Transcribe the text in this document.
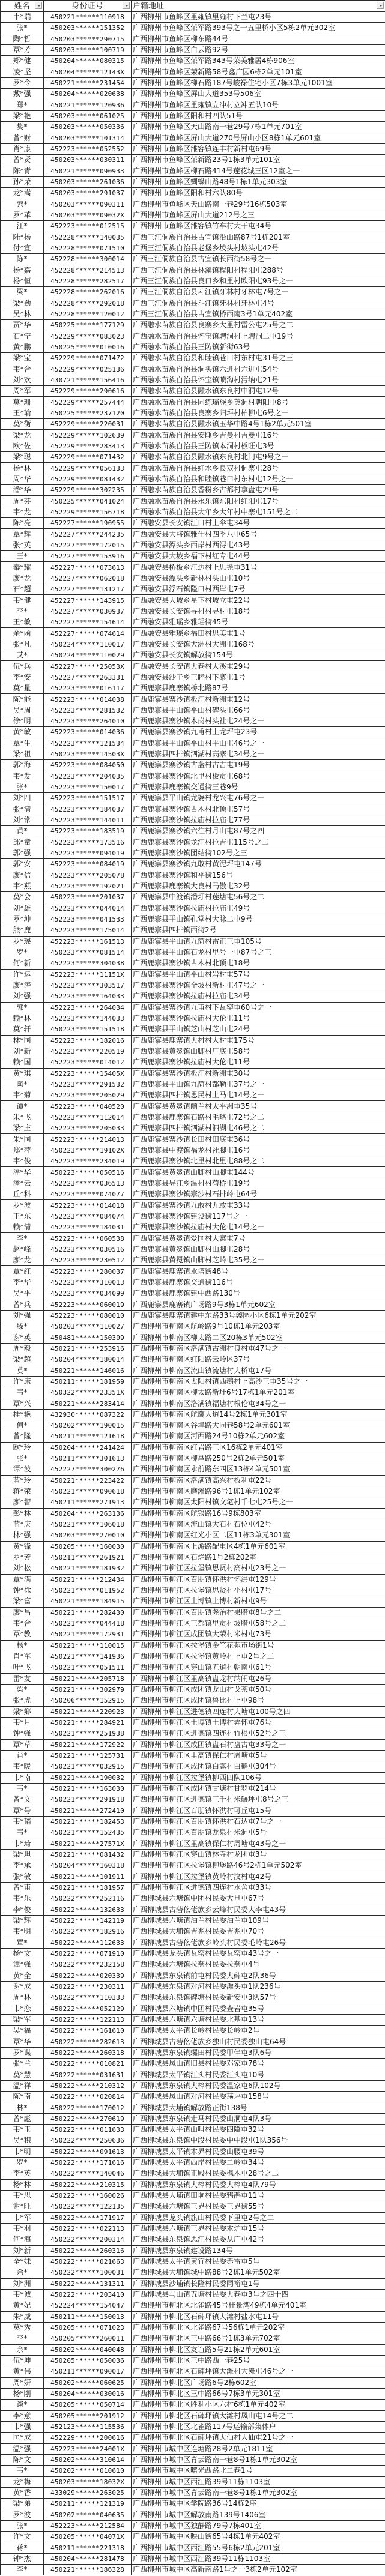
姓名	身份证号	户籍地址

韦*瑞	450221******110918	广西柳州市鱼峰区里雍镇里雍村下兰屯23号
张*	450203******151352	广西柳州市鱼峰区荣军路393号之一五里桥小区5栋2单元302室
陶*哲	450203******290715	广西柳州市鱼峰区柳东路44号
覃*芳	450203******100719	广西柳州市鱼峰区白云路92号
郑*健	450204******080315	广西柳州市鱼峰区荣军路343号荣美雅居4栋906室
凌*坚	450204******12143X	广西柳州市鱼峰区荣新路58号鑫广园6栋2单元101室
罗*令	450221******231454	广西柳州市鱼峰区柳石路187号峻禄住宅小区7栋3单元1001室
戴*强	450204******020638	广西柳州市鱼峰区屏山大道353号506室
郑*	450221******120936	广西柳州市鱼峰区里雍镇立冲村立冲五队10号
梁*艳	450203******061025	广西柳州市鱼峰区阳和村四队51号
樊*	450203******050336	广西柳州市鱼峰区天山路南一巷29号7栋1单元701室
曾*财	450203******101314	广西柳州市鱼峰区屏山大道270号屏山小区8栋1单元601室
肖*康	452223******052552	广西柳州市鱼峰区雒容镇连丰村新村屯69号
曾*贤	450203******030311	广西柳州市鱼峰区荣新路23号1栋3单元101室
陈*青	450221******090933	广西柳州市鱼峰区柳石路414号莲花城三区12室之一
孙*荣	450203******261036	广西柳州市鱼峰区蝴蝶山路48号1栋1单元303室
龙*嵩	450203******291037	广西柳州市鱼峰区阳和村六队80号
索*	450203******090311	广西柳州市鱼峰区天山路南一巷29号16栋503室
罗*革	450203******09032X	广西柳州市鱼峰区屏山大道212号之三
江*	452223******012515	广西柳州市鱼峰区雒容镇竹车村大干屯34号
陆*杨	452228******140035	广西三江侗族自治县古宜镇沿山路87号1栋201室
付*宜	452228******071510	广西三江侗族自治县老堡乡坡头村坡头屯42号
陈*	452228******300014	广西三江侗族自治县古宜镇长西街58号之一
杨*嘉	452228******214513	广西三江侗族自治县林溪镇程阳村程阳屯288号
杨*恒	452228******282517	广西三江侗族自治县良口乡和里村欧阳屯93号之一
梁*	452228******262016	广西三江侗族自治县斗江镇牙林村牙林屯7号之一
梁*劲	452228******292018	广西三江侗族自治县斗江镇牙林村牙林屯4号
吴*林	452228******120012	广西三江侗族自治县古宜镇桥西南3号1单元402室
贾*华	450225******177129	广西融水苗族自治县良寨乡大里村雷公屯25号之二
石*宁	452229******083023	广西融水苗族自治县怀宝镇聘洞村上聘洞二屯19号
黄*鹏	450225******010016	广西融水苗族自治县三防镇新街63号
梁*宝	452229******071472	广西融水苗族自治县和睦镇巷口村东村屯31号之三
韦*合	452229******025136	广西融水苗族自治县洞头镇六进村六进屯54号
刘*欢	430721******156416	广西融水苗族自治县怀宝镇喷沟村污纳屯21号
周*军	452229******290616	广西融水苗族自治县融水镇东良村中洞屯12号
莫*珊	452229******257444	广西融水苗族自治县同练瑶族乡英洞村朝阳屯8号
王*瑜	450225******237120	广西融水苗族自治县良寨乡归坪村柏柳屯6号之一
莫*衡	452229******220031	广西融水苗族自治县融水镇玉华中路4号1栋2单元501室
梁*龙	452229******102639	广西融水苗族自治县安陲乡吉曼村吉曼屯16号
欧*佐	452229******283413	广西融水苗族自治县三防镇本洞村板旺屯3号
梁*聪	452229******071432	广西融水苗族自治县融水镇东良村北门屯9号之一
杨*林	452229******056133	广西融水苗族自治县红水乡良双村侗寨屯28号
周*华	452229******081432	广西融水苗族自治县和睦镇巷口村东村屯12号之一
潘*华	452229******302235	广西融水苗族自治县香粉乡古都村拿盘屯29号
周*芬	450225******041024	广西融水苗族自治县永乐镇东阳村红阳屯17号
韦*龙	452229******156718	广西融水苗族自治县大年乡大年村中寨屯151号之二
陈*亮	452227******190955	广西融安县长安镇江口村上伞屯34号
覃*辉	452227******244235	广西融安县大将镇雅仕村四季八屯65号
张*英	452227******172015	广西融安县潭头乡西岸村西浔屯43号
王*	452227******153916	广西融安县大坡乡福下村红专屯44号
秦*耀	452227******073613	广西融安县桥板乡江边村上思尧屯31号
廖*龙	452227******062018	广西融安县潭头乡新林村头山屯10号
石*超	452227******131217	广西融安县浮石镇隘口村西岸屯7号
韦*健	452227******143915	广西融安县大坡乡星下村坡立屯22号
李*	452227******030937	广西融安县长安镇寻村村寻村屯18号
王*敏	452227******154614	广西融安县雅瑶乡雅瑶街45号
余*函	452227******074614	广西融安县雅瑶乡福田村思美屯1号
张*凡	450224******110017	广西融安县长安镇大洲村大洲屯168号
艾*	450224******110029	广西融安县长安镇解放街154号
伍*兵	452227******25053X	广西融安县长安镇大巷村大溪屯29号
李*安	452227******263331	广西融安县沙子乡三睦村下寨屯1号
莫*量	452223******016117	广西鹿寨县鹿寨镇桥北路87号
陈*能	452223******014038	广西鹿寨县寨沙镇板江村新洲屯12号
吴*周	452223******281532	广西鹿寨县平山镇平山村碑头屯66号
徐*明	452223******264010	广西鹿寨县寨沙镇木岗村头社屯24号之一
黄*敏	452223******014036	广西鹿寨县寨沙镇九甫村上龙坪屯23号
覃*生	452223******121534	广西鹿寨县平山镇平山村平山屯46号之一
梁*祖	450223******14503X	广西鹿寨县四排镇泗湖村高寨屯34号之一
郭*海	452223******084050	广西鹿寨县寨沙镇古盏村古吉屯19号
韦*发	452223******204035	广西鹿寨县寨沙镇北里村板贡屯68号
张*	452223******150017	广西鹿寨县鹿寨镇交通街三巷9号
刘*四	452223******151517	广西鹿寨县平山镇龙婆村龙兴屯76号之一
张*清	452223******184037	广西鹿寨县寨沙镇古木村北顶屯57号
刘*常	452223******144011	广西鹿寨县寨沙镇拉庙村拉庙屯77号
黄*	452223******183519	广西鹿寨县寨沙镇六往村月山屯87号之四
邱*童	452223******173516	广西鹿寨县寨沙镇龙江村拉吉屯115号之二
郭*强	452223******094019	广西鹿寨县寨沙镇团结街102号之三
郭*安	452223******084019	广西鹿寨县寨沙镇九敢村黄泥坪屯147号
廖*信	452223******205078	广西鹿寨县寨沙镇和平街156号
韦*燕	452223******192021	广西鹿寨县鹿寨镇大良村马傲屯32号
莫*会	450223******201037	广西鹿寨县中渡镇潘圩村莲塘屯56号之二
刘*雄	452223******044014	广西鹿寨县寨沙镇拉庙村拉庙屯49号
罗*坤	452223******041533	广西鹿寨县平山镇孔堂村大脉二屯9号
熊*鹿	452223******175014	广西鹿寨县四排镇西街2号
罗*瑶	452223******161513	广西鹿寨县平山镇九简村雷正三屯105号
罗*	450223******081514	广西鹿寨县平山镇石龙村里号一屯87号之三
何*新	452223******304038	广西鹿寨县寨沙镇古木村北顶屯18号
许*运	452223******11151X	广西鹿寨县平山镇平山村岩村屯57号
廖*涛	452223******303517	广西鹿寨县寨沙镇全坡村新村屯47号之一
刘*强	452223******164033	广西鹿寨县寨沙镇拉庙村拉庙屯34号
郭*	452223******264034	广西鹿寨县寨沙镇九甫村下瓦窑屯60号之一
赖*林	452223******144033	广西鹿寨县寨沙镇拉庙村大伦屯11号
莫*轩	450223******151518	广西鹿寨县平山镇芝山村芝山屯24号
林*国	452223******182016	广西鹿寨县鹿寨镇大村村大村屯175号
刘*新	452223******220519	广西鹿寨县黄冕镇山脚村厂底屯58号
赖*国	452223******014012	广西鹿寨县寨沙镇拉庙村大伦屯11号
黄*琪	452223******15405X	广西鹿寨县寨沙镇板江村新洲屯30号
陶*	452223******291532	广西鹿寨县平山镇九简村都勒屯37号之一
韦*菊	452223******205029	广西鹿寨县四排镇思民村上马屯14号之一
谭*	452223******040520	广西鹿寨县黄冕镇幽兰村太平洲屯35号
朱*飞	452223******112014	广西鹿寨县鹿寨镇石路村毛略屯72号之二
梁*庄	452223******205033	广西鹿寨县四排镇泗湖村泗湖屯46号之二
朱*国	452223******214013	广西鹿寨县寨沙镇长田村田底屯36号
郑*萍	450223******19102X	广西鹿寨县中渡镇福龙村社脚屯16号
韦*俊	452223******234019	广西鹿寨县寨沙镇北里村北里屯88号之二
潘*华	450223******050516	广西鹿寨县黄冕镇山脚村山脚屯144号
潘*云	452223******036513	广西鹿寨县导江乡温村村苟桥屯19号
丘*科	452223******074077	广西鹿寨县寨沙镇寨沙村石排岭屯64号
罗*波	452223******014018	广西鹿寨县寨沙镇九敢村九敢屯33号
王*东	452223******084074	广西鹿寨县寨沙镇建设街117号之一
赖*清	452223******184031	广西鹿寨县寨沙镇拉庙村大伦屯14号之一
李*	452223******060538	广西鹿寨县黄冕镇爱国村大寓屯7号
赵*峰	452223******030516	广西鹿寨县黄冕镇山脚村山脚屯28号
廖*龙	452223******230512	广西鹿寨县黄冕镇山脚村芝岭屯35号之一
覃*红	452223******280037	广西鹿寨县鹿寨镇水塔街48号
李*华	452223******310013	广西鹿寨县鹿寨镇交通街116号
吴*平	452223******034099	广西鹿寨县鹿寨镇建中西路130号
曾*兵	452223******060019	广西鹿寨县鹿寨镇广场路9号3栋1单元602室
刘*强	452223******080010	广西鹿寨县鹿寨镇建中东路33号鑫园小区6栋1单元202室
滕*	450203******110027	广西柳州市柳南区航岭路9号10栋1单元203室
谢*英	450481******150309	广西柳州市柳南区柳太路二区20栋3单元502室
周*毅	450221******253916	广西柳州市柳南区洛满镇古洲村良村屯47号之一
梁*超	450204******180014	广西柳州市柳南区红阳路云岭区37号
莫*	450221******146016	广西柳州市柳南区流山镇流塘村大桥屯17号
许*康	450211******181959	广西柳州市柳南区太阳村镇西鹅村上高沙三屯35号之一
韦*	450322******23351X	广西柳州市柳南区柳太路新圩6号17栋1单元201室
覃*兴	450221******283414	广西柳州市柳南区洛满镇福塘村根伦屯34号之一
桂*艳	432930******087322	广西柳州市柳南区航鹰大道14号2栋1单元301室
何*	450202******190015	广西柳州市柳南区谷埠路大同巷58号2单元601室
曾*隆	450211******121618	广西柳州市柳南区河西路24号10栋2单元602室
欧*玲	450204******241424	广西柳州市柳南区红岩路三区16栋2单元401室
张*	450211******301613	广西柳州市柳南区柳邕路250号2栋2单元501室
谭*波	452227******300276	广西柳州市柳南区永前路东四区13栋4单元501室
蓝*玲	450221******223422	广西柳州市柳南区洛满镇高兴村板利屯22号
蒋*荣	450221******090618	广西柳州市柳南区磨滩路96号1栋1单元102室
廖*智	450211******271913	广西柳州市柳南区太阳村镇文笔村千七屯25号之一
彭*林	450204******263136	广西柳州市柳南区航银路16号9栋803室
蓝*庆	450221******106018	广西柳州市柳南区流山镇大石村石位屯42号
林*强	450203******270010	广西柳州市柳南区红光小区二区11栋3单元301室
黄*锋	450205******160030	广西柳州市柳南区上游路配电区4栋1单元601室
罗*芳	450211******261921	广西柳州市柳南区石烂路1号2栋202室
刘*松	450221******181932	广西柳州市柳江区拉堡镇思贤村高村屯23号之一
覃*满	450221******212434	广西柳州市柳江区百朋镇怀洪村怀洪屯129号
钟*徐	450221******011952	广西柳州市柳江区拉堡镇思贤村小村屯17号
梁*富	450221******184915	广西柳州市柳江区土博镇土博村新村屯9号
廖*昌	450221******282430	广西柳州市柳江区百朋镇尧治村果腊屯8号之二
韦*合	450221******044418	广西柳州市柳江区三都镇里贡村坡腊屯58号之二
覃*教	450221******172931	广西柳州市柳江区成团镇大荣村米村屯73号
杨*	450221******110015	广西柳州市柳江区拉堡镇金竺花苑市场街1号
肖*军	450221******141936	广西柳州市柳江区拉堡镇黄岭村上屯2号之二
叶*飞	450221******051511	广西柳州市柳江区穿山镇五道村朝南屯61号
雷*友	450221******205718	广西柳州市柳江区里高镇盘龙村纳闹屯26号
梁*	450221******302979	广西柳州市柳江区成团镇龙山村戈茶屯50号
张*虎	450206******152915	广西柳州市柳江区成团镇鲁比村上屯98号
梁*鄉	450221******220923	广西柳州市柳江区进德镇四连村大塘屯100号之四
韦*月	450221******284921	广西柳州市柳江区土博镇土博村弄怀屯76号
钟*强	450221******251938	广西柳州市柳江区进德镇四连村竹根屯52号之三
覃*草	450221******172922	广西柳州市柳江区成团镇盘石村盘古屯33号之一
肖*	450221******125731	广西柳州市柳江区里高镇保仁村周塘屯5号
韦*暖	450221******032915	广西柳州市柳江区成团镇白露村白鹅屯304号
韦*南	450221******190032	广西柳州市柳江区拉堡镇柳西四队106号
韦*	450221******163030	广西柳州市柳江区成团镇甘塘村甘罗屯214号
曾*文	450221******291918	广西柳州市柳江区进德镇三千村米碾坪屯8号之三
覃*号	450221******272410	广西柳州市柳江区百朋镇怀洪村可丘屯15号
韦*韬	450221******182453	广西柳州市柳江区百朋镇怀洪村石达屯7号之一
韦*	450221******152435	广西柳州市柳江区百朋镇龙泉村米洞屯5号
韦*琦	450221******27571X	广西柳州市柳江区里高镇保仁村周塘屯43号之一
梁*坦	450221******081432	广西柳州市柳江区穿山镇林寺村龙团屯3号
李*承	450204******160318	广西柳州市柳江区拉堡镇柳堡路46号2栋1单元502室
张*敏	450221******101911	广西柳州市柳江区拉堡镇黄岭村汶村屯42号
曾*甫	450221******181957	广西柳州市柳江区进德镇四连村水舍屯33号
韦*乐	450222******252116	广西柳城县六塘镇中团村民委大旦屯67号
李*俊	450222******132633	广西柳城县古砦仫佬族乡云峰村民委大李屯43号
梁*辉	450222******142119	广西柳城县六塘镇油兰村民委油兰屯109号
韦*明	450222******182916	广西柳城县大埔镇吉兆村民委吉兆屯70号
覃*	450222******112633	广西柳城县古砦仫佬族乡岭头村民委毛岭屯26号
杨*文	450222******071910	广西柳城县龙头镇瓦窑村民委瓦窑屯43号之一
谭*强	450222******232158	广西柳城县六塘镇拉燕村民委拉燕屯4号
黄*全	450222******020339	广西柳城县东泉镇前屯村民委大碑屯2队36号
谢*成	450222******230311	广西柳城县东泉镇对河村民委滩头屯1队236号
周*林	450222******110333	广西柳城县东泉镇碑塘村民委新安屯3队57号
韦*恋	450222******052129	广西柳城县六塘镇中团村民委查岩屯35号
梁*军	450222******122113	广西柳城县六塘镇六塘村民委北基屯13号
吴*福	450222******161610	广西柳城县太平镇长岭村民委长岭屯2号
覃*华	450222******282613	广西柳城县古砦仫佬族乡独山村民委独山屯64号
罗*谋	450222******260318	广西柳城县东泉镇螺田村民委甲伴屯3队6号
张*兰	450222******010821	广西柳城县凤山镇旧县村民委邓家屯78号
莫*慧	450222******031631	广西柳城县太平镇江头村民委江头屯10号
温*祥	450222******210312	广西柳城县东泉镇大樟村民委温家屯6队102号
陈*南	450222******020814	广西柳城县凤山镇对河村民委荡坪屯158号
林*	450222******170012	广西柳城县大埔镇解放路正街138号
曾*彪	450222******270619	广西柳城县东泉镇走马村民委山洞屯4队3号
韦*玉	450222******011633	广西柳城县太平镇山咀村民委四隘屯32号
吴*积	450222******250636	广西柳城县东泉镇中段村民委中中段屯1队356号
韦*明	450222******091613	广西柳城县太平镇木界村民委山腰屯39号
罗*	450222******171616	广西柳城县太平镇西岸村民委二岭屯34号
李*英	450222******140046	广西柳城县大埔镇正殿村民委枫木屯28号之二
杨*林	450222******210315	广西柳城县东泉镇大樟村民委大樟屯4队79号
韦*思	450222******160026	广西柳城县大埔镇田垌村民委鸦鹊屯11号
谢*旺	450222******122135	广西柳城县六塘镇三界村民委三界街55号
韦*军	450222******171917	广西柳城县龙头镇旗山村民委下里屯2号之二
韦*羽	450222******022113	广西柳城县六塘镇三界村民委木炉屯15号
何*海	450222******200314	广西柳城县东泉镇思江村民委从广屯42号
刘*新	450222******260316	广西柳城县东泉镇建设路134号
全*妹	450222******021663	广西柳城县太平镇黄宜村民委赤雷屯5号
余*	450222******100031	广西柳城县大埔镇城中路88号2栋1单元502室
刘*洲	450222******131311	广西柳城县沙埔镇长隆村民委同裕屯1号
韦*诚	450222******203410	广西柳城县马山镇五塘村民委大巷屯3号之四十四
黄*妃	452224******154047	广西柳州市柳北区北雀路45号桂景湾49栋4单元401室
朱*威	450211******150013	广西柳州市柳北区石碑坪镇大滩村盐水屯11号
莫*秀	450205******071023	广西柳州市柳北区北雀路67号56栋1单元202室
李*	450205******260011	广西柳州市柳北区三中路66号1栋3单元702室
余*	450202******040048	广西柳州市柳北区友谊路5号21栋2单元601室
伍*坤	450205******050036	广西柳州市柳北区三中路西一巷25号
黄*伟	450211******090017	广西柳州市柳北区石碑坪镇大滩村大滩屯46号之一
周*妍	450202******060625	广西柳州市柳北区广场路6号2栋602室
杨*刚	450204******030016	广西柳州市柳北区三中路66号7栋3单元301室
谈*	450205******050714	广西柳州市柳北区胜利小区六村6栋1单元402室
李*意	450205******201912	广西柳州市柳北区石碑坪镇大滩村凤山屯14号之二
韦*强	452123******115536	广西柳州市柳北区北雀路117号运输部集体户
匡*成	452229******200616	广西柳州市柳北区石碑坪镇大仙村大仙屯21号之一
温*强	452223******24001X	广西柳州市城中区连塘路28号2单元1811室
陈*文	450202******310614	广西柳州市城中区青云路南一巷8号1栋1单元302室
韦*	450202******010610	广西柳州市城中区曙光西路北二巷1号
龙*梅	450203******18032X	广西柳州市城中区西江路39号11栋1103室
黄*香	433029******263025	广西柳州市城中区青云路南一巷8号1栋1单元302室
梁*弟	450211******121319	广西柳州市城中区学院路36号14栋2座
罗*波	450202******040635	广西柳州市城中区解放南路139号1406室
张*	452223******212584	广西柳州市城中区独静路79号7栋401室
许*文	450205******04071X	广西柳州市城中区映山街65号4栋1单元402室
蒋*	450211******221318	广西柳州市城中区西江路55号6栋2单元201室
钟*杰	450204******281478	广西柳州市城中区西江路39号11栋1103室
李*	450221******186328	广西柳州市城中区高新南路1号之一3栋2单元102室
